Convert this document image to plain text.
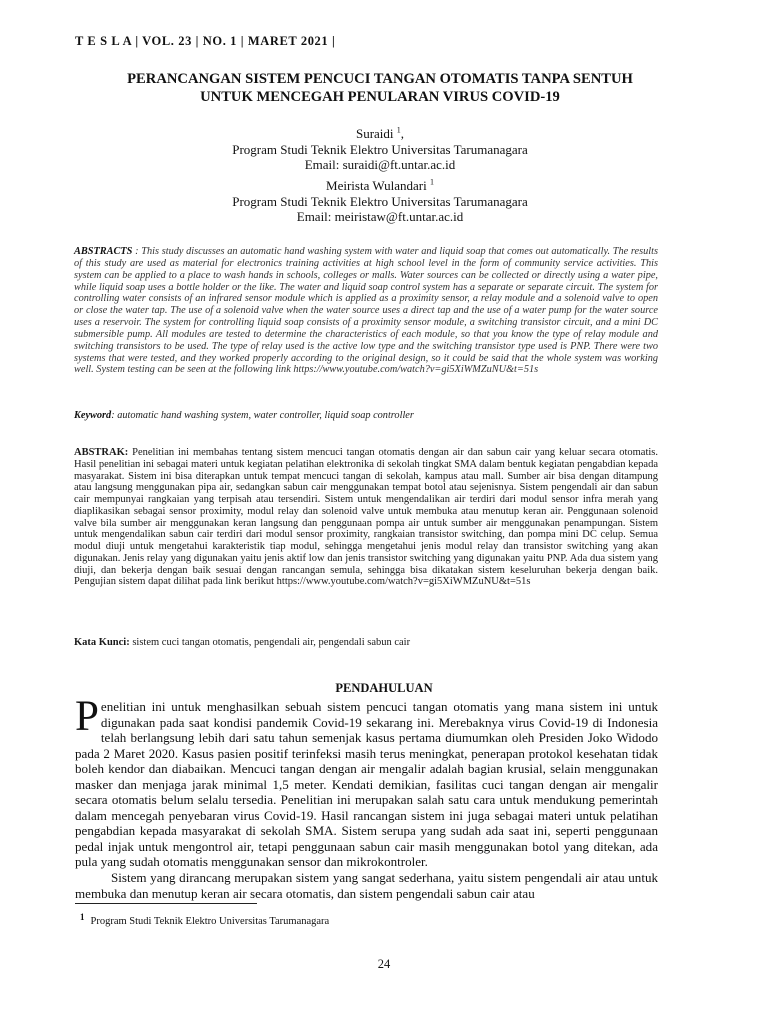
T E S L A | VOL. 23 | NO. 1 | MARET 2021 |
PERANCANGAN SISTEM PENCUCI TANGAN OTOMATIS TANPA SENTUH
UNTUK MENCEGAH PENULARAN VIRUS COVID-19
Suraidi $^1$,
Program Studi Teknik Elektro Universitas Tarumanagara
Email: suraidi@ft.untar.ac.id
Meirista Wulandari $^1$
Program Studi Teknik Elektro Universitas Tarumanagara
Email: meiristaw@ft.untar.ac.id
ABSTRACTS : This study discusses an automatic hand washing system with water and liquid soap that comes out automatically. The results of this study are used as material for electronics training activities at high school level in the form of community service activities. This system can be applied to a place to wash hands in schools, colleges or malls. Water sources can be collected or directly using a water pipe, while liquid soap uses a bottle holder or the like. The water and liquid soap control system has a separate or separate circuit. The system for controlling water consists of an infrared sensor module which is applied as a proximity sensor, a relay module and a solenoid valve to open or close the water tap. The use of a solenoid valve when the water source uses a direct tap and the use of a water pump for the water source uses a reservoir. The system for controlling liquid soap consists of a proximity sensor module, a switching transistor circuit, and a mini DC submersible pump. All modules are tested to determine the characteristics of each module, so that you know the type of relay module and switching transistors to be used. The type of relay used is the active low type and the switching transistor type used is PNP. There were two systems that were tested, and they worked properly according to the original design, so it could be said that the whole system was working well. System testing can be seen at the following link https://www.youtube.com/watch?v=gi5XiWMZuNU&t=51s
Keyword: automatic hand washing system, water controller, liquid soap controller
ABSTRAK: Penelitian ini membahas tentang sistem mencuci tangan otomatis dengan air dan sabun cair yang keluar secara otomatis. Hasil penelitian ini sebagai materi untuk kegiatan pelatihan elektronika di sekolah tingkat SMA dalam bentuk kegiatan pengabdian kepada masyarakat. Sistem ini bisa diterapkan untuk tempat mencuci tangan di sekolah, kampus atau mall. Sumber air bisa dengan ditampung atau langsung menggunakan pipa air, sedangkan sabun cair menggunakan tempat botol atau sejenisnya. Sistem pengendali air dan sabun cair mempunyai rangkaian yang terpisah atau tersendiri. Sistem untuk mengendalikan air terdiri dari modul sensor infra merah yang diaplikasikan sebagai sensor proximity, modul relay dan solenoid valve untuk membuka atau menutup keran air. Penggunaan solenoid valve bila sumber air menggunakan keran langsung dan penggunaan pompa air untuk sumber air menggunakan penampungan. Sistem untuk mengendalikan sabun cair terdiri dari modul sensor proximity, rangkaian transistor switching, dan pompa mini DC celup. Semua modul diuji untuk mengetahui karakteristik tiap modul, sehingga mengetahui jenis modul relay dan transistor switching yang akan digunakan. Jenis relay yang digunakan yaitu jenis aktif low dan jenis transistor switching yang digunakan yaitu PNP. Ada dua sistem yang diuji, dan bekerja dengan baik sesuai dengan rancangan semula, sehingga bisa dikatakan sistem keseluruhan bekerja dengan baik. Pengujian sistem dapat dilihat pada link berikut https://www.youtube.com/watch?v=gi5XiWMZuNU&t=51s
Kata Kunci: sistem cuci tangan otomatis, pengendali air, pengendali sabun cair
PENDAHULUAN

Penelitian ini untuk menghasilkan sebuah sistem pencuci tangan otomatis yang mana sistem ini untuk digunakan pada saat kondisi pandemik Covid-19 sekarang ini. Merebaknya virus Covid-19 di Indonesia telah berlangsung lebih dari satu tahun semenjak kasus pertama diumumkan oleh Presiden Joko Widodo pada 2 Maret 2020. Kasus pasien positif terinfeksi masih terus meningkat, penerapan protokol kesehatan tidak boleh kendor dan diabaikan. Mencuci tangan dengan air mengalir adalah bagian krusial, selain menggunakan masker dan menjaga jarak minimal 1,5 meter. Kendati demikian, fasilitas cuci tangan dengan air mengalir secara otomatis belum selalu tersedia. Penelitian ini merupakan salah satu cara untuk mendukung pemerintah dalam mencegah penyebaran virus Covid-19. Hasil rancangan sistem ini juga sebagai materi untuk pelatihan pengabdian kepada masyarakat di sekolah SMA. Sistem serupa yang sudah ada saat ini, seperti penggunaan pedal injak untuk mengontrol air, tetapi penggunaan sabun cair masih menggunakan botol yang ditekan, ada pula yang sudah otomatis menggunakan sensor dan mikrokontroler.

Sistem yang dirancang merupakan sistem yang sangat sederhana, yaitu sistem pengendali air atau untuk membuka dan menutup keran air secara otomatis, dan sistem pengendali sabun cair atau

1 Program Studi Teknik Elektro Universitas Tarumanagara
24
